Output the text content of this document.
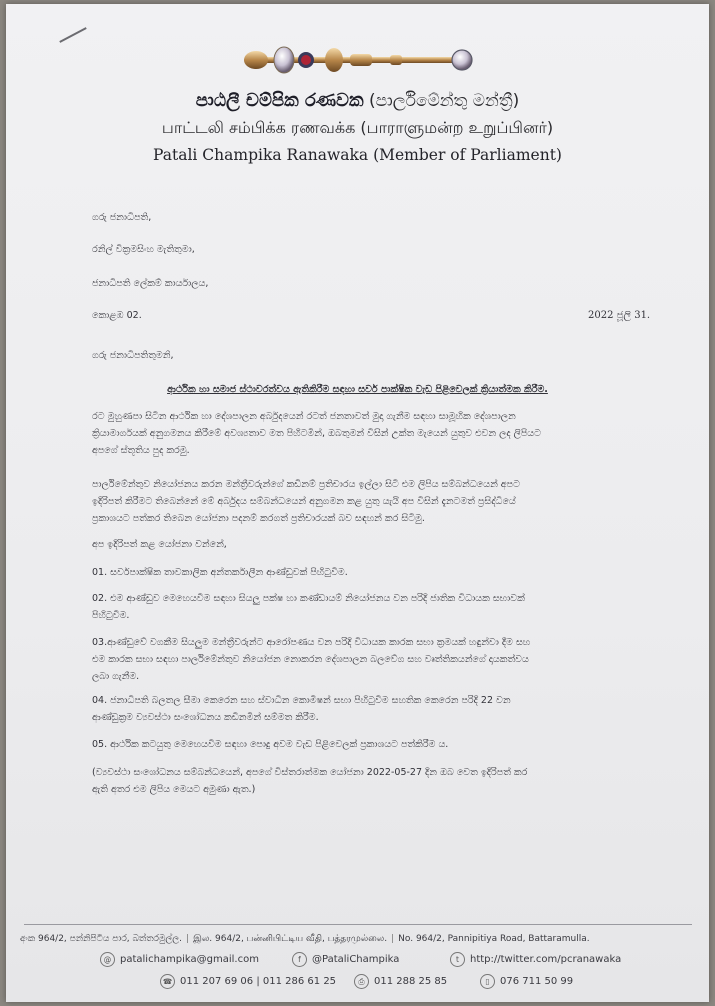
පාඨලී චම්පික රණවක (පාර්ලිමේන්තු මන්ත්‍රී)
பாட்டலி சம்பிக்க ரணவக்க (பாராளுமன்ற உறுப்பினர்)
Patali Champika Ranawaka (Member of Parliament)
ගරු ජනාධිපති,
රනිල් වික්‍රමසිංහ මැතිතුමා,
ජනාධිපති ලේකම් කාර්යාලය,
කොළඹ 02.	2022 ජූලි 31.
ගරු ජනාධිපතිතුමනි,
ආර්ථික හා සමාජ ස්ථාවරත්වය ඇතිකිරීම සඳහා සර්ව පාක්ෂික වැඩ පිළිවෙලක් ක්‍රියාත්මක කිරීම.
රට මුහුණපා සිටින ආර්ථික හා දේශපාලන අර්බුදයෙන් රටත් ජනතාවත් මුදා ගැනීම සඳහා සාමූහික දේශපාලන
ක්‍රියාමාර්ගයක් අනුගමනය කිරීමේ අවශ්‍යතාව මත පිහිටමින්, ඔබතුමන් විසින් උක්ත මැයෙන් යුතුව එවන ලද ලිපියට
අපගේ ස්තූතිය පුද කරමු.
පාර්ලිමේන්තුව නියෝජනය කරන මන්ත්‍රීවරුන්ගේ කඩිනම් ප්‍රතිචාරය ඉල්ලා සිටි එම ලිපිය සම්බන්ධයෙන් අපට
ඉදිරිපත් කිරීමට තිබෙන්නේ මේ අර්බුදය සම්බන්ධයෙන් අනුගමන කළ යුතු යැයි අප විසින් දැනටමත් ප්‍රසිද්ධියේ
ප්‍රකාශයට පත්කර තිබෙන යෝජනා පදනම් කරගත් ප්‍රතිචාරයක් බව සඳහන් කර සිටිමු.
අප ඉදිරිපත් කළ යෝජනා වන්නේ,
01. සර්වපාක්ෂික තාවකාලික අන්තර්කාලීන ආණ්ඩුවක් පිහිටුවීම.
02. එම ආණ්ඩුව මෙහෙයවීම සඳහා සියලු පක්ෂ හා කණ්ඩායම් නියෝජනය වන පරිදි ජාතික විධායක සභාවක්
පිහිටුවීම.
03.ආණ්ඩුවේ වගකීම සියලුම මන්ත්‍රීවරුන්ට ආරෝපණය වන පරිදි විධායක කාරක සභා ක්‍රමයක් හඳුන්වා දීම සහ
එම කාරක සභා සඳහා පාර්ලිමේන්තුව නියෝජන නොකරන දේශපාලන බලවේග සහ වෘත්තිකයන්ගේ දායකත්වය
ලබා ගැනීම.
04. ජනාධිපති බලතල සීමා කෙරෙන සහ ස්වාධීන කොමිෂන් සභා පිහිටුවීම සහතික කෙරෙන පරිදි 22 වන
ආණ්ඩුක්‍රම ව්‍යවස්ථා සංශෝධනය කඩිනමින් සම්මත කිරීම.
05. ආර්ථික කටයුතු මෙහෙයවීම සඳහා පොදු අවම වැඩ පිළිවෙලක් ප්‍රකාශයට පත්කිරීම ය.
(ව්‍යවස්ථා සංශෝධනය සම්බන්ධයෙන්, අපගේ විස්තරාත්මක යෝජනා 2022-05-27 දින ඔබ වෙත ඉදිරිපත් කර
ඇති අතර එම ලිපිය මෙයට අමුණා ඇත.)
අංක 964/2, පන්නිපිටිය පාර, බත්තරමුල්ල. | இல. 964/2, பன்னிபிட்டிய வீதி, பத்தரமுல்லை. | No. 964/2, Pannipitiya Road, Battaramulla.
@ patalichampika@gmail.com	f	@PataliChampika	t	http://twitter.com/pcranawaka
☎ 011 207 69 06 | 011 286 61 25	⎙ 011 288 25 85	▯	076 711 50 99
